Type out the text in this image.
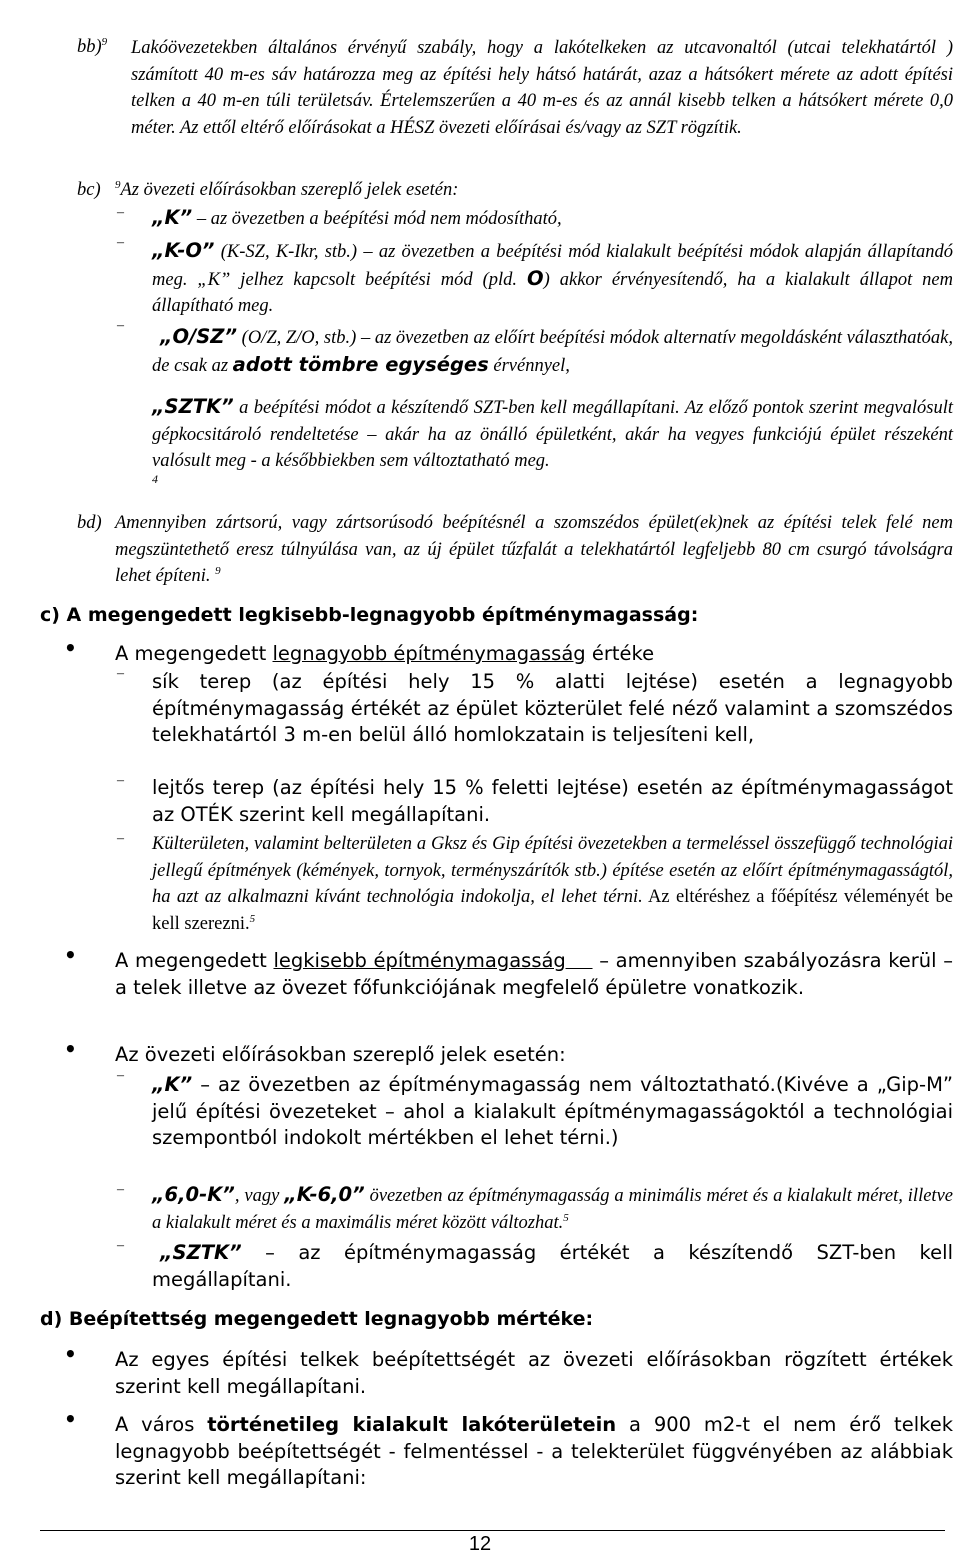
bb)$^9$ Lakóövezetekben általános érvényű szabály, hogy a lakótelkeken az utcavonaltól (utcai telekhatártól ) számított 40 m-es sáv határozza meg az építési hely hátsó határát, azaz a hátsókert mérete az adott építési telken a 40 m-en túli területsáv. Értelemszerűen a 40 m-es és az annál kisebb telken a hátsókert mérete 0,0 méter. Az ettől eltérő előírásokat a HÉSZ övezeti előírásai és/vagy az SZT rögzítik.
bc) $^9$Az övezeti előírásokban szereplő jelek esetén:
– „K” – az övezetben a beépítési mód nem módosítható,
– „K-O” (K-SZ, K-Ikr, stb.) – az övezetben a beépítési mód kialakult beépítési módok alapján állapítandó meg. „K” jelhez kapcsolt beépítési mód (pld. O) akkor érvényesítendő, ha a kialakult állapot nem állapítható meg.
–	„O/SZ” (O/Z, Z/O, stb.) – az övezetben az előírt beépítési módok alternatív megoldásként választhatóak, de csak az adott tömbre egységes érvénnyel,
„SZTK” a beépítési módot a készítendő SZT-ben kell megállapítani. Az előző pontok szerint megvalósult gépkocsitároló rendeltetése – akár ha az önálló épületként, akár ha vegyes funkciójú épület részeként valósult meg - a későbbiekben sem változtatható meg.
4
bd) Amennyiben zártsorú, vagy zártsorúsodó beépítésnél a szomszédos épület(ek)nek az építési telek felé nem megszüntethető eresz túlnyúlása van, az új épület tűzfalát a telekhatártól legfeljebb 80 cm csurgó távolságra lehet építeni. $^9$
c) A megengedett legkisebb-legnagyobb építménymagasság:
• A megengedett legnagyobb építménymagasság értéke
– sík terep (az építési hely 15 % alatti lejtése) esetén a legnagyobb építménymagasság értékét az épület közterület felé néző valamint a szomszédos telekhatártól 3 m-en belül álló homlokzatain is teljesíteni kell,
– lejtős terep (az építési hely 15 % feletti lejtése) esetén az építménymagasságot az OTÉK szerint kell megállapítani.
– Külterületen, valamint belterületen a Gksz és Gip építési övezetekben a termeléssel összefüggő technológiai jellegű építmények (kémények, tornyok, terményszárítók stb.) építése esetén az előírt építménymagasságtól, ha azt az alkalmazni kívánt technológia indokolja, el lehet térni. Az eltéréshez a főépítész véleményét be kell szerezni.$^5$
• A megengedett legkisebb építménymagasság     – amennyiben szabályozásra kerül – a telek illetve az övezet főfunkciójának megfelelő épületre vonatkozik.
• Az övezeti előírásokban szereplő jelek esetén:
– „K” – az övezetben az építménymagasság nem változtatható.(Kivéve a „Gip-M” jelű építési övezeteket – ahol a kialakult építménymagasságoktól a technológiai szempontból indokolt mértékben el lehet térni.)
– „6,0-K”, vagy „K-6,0” övezetben az építménymagasság a minimális méret és a kialakult méret, illetve a kialakult méret és a maximális méret között változhat.$^5$
–	„SZTK” – az építménymagasság értékét a készítendő SZT-ben kell megállapítani.
d) Beépítettség megengedett legnagyobb mértéke:
• Az egyes építési telkek beépítettségét az övezeti előírásokban rögzített értékek szerint kell megállapítani.
• A város történetileg kialakult lakóterületein a 900 m2-t el nem érő telkek legnagyobb beépítettségét - felmentéssel - a telekterület függvényében az alábbiak szerint kell megállapítani:
12
